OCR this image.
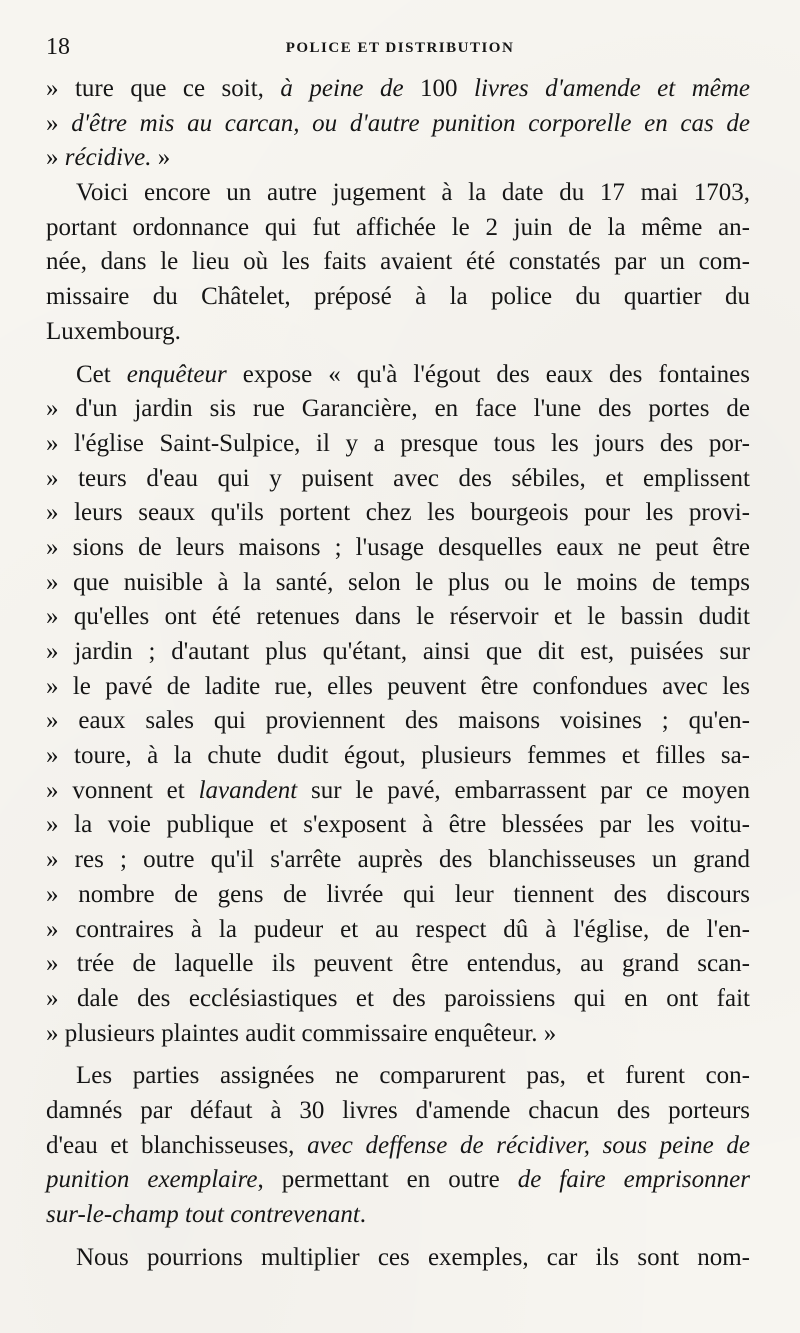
18	POLICE ET DISTRIBUTION
» ture que ce soit, à peine de 100 livres d'amende et même
» d'être mis au carcan, ou d'autre punition corporelle en cas de
» récidive. »
Voici encore un autre jugement à la date du 17 mai 1703,
portant ordonnance qui fut affichée le 2 juin de la même an-
née, dans le lieu où les faits avaient été constatés par un com-
missaire du Châtelet, préposé à la police du quartier du
Luxembourg.
Cet enquêteur expose « qu'à l'égout des eaux des fontaines
» d'un jardin sis rue Garancière, en face l'une des portes de
» l'église Saint-Sulpice, il y a presque tous les jours des por-
» teurs d'eau qui y puisent avec des sébiles, et emplissent
» leurs seaux qu'ils portent chez les bourgeois pour les provi-
» sions de leurs maisons ; l'usage desquelles eaux ne peut être
» que nuisible à la santé, selon le plus ou le moins de temps
» qu'elles ont été retenues dans le réservoir et le bassin dudit
» jardin ; d'autant plus qu'étant, ainsi que dit est, puisées sur
» le pavé de ladite rue, elles peuvent être confondues avec les
» eaux sales qui proviennent des maisons voisines ; qu'en-
» toure, à la chute dudit égout, plusieurs femmes et filles sa-
» vonnent et lavandent sur le pavé, embarrassent par ce moyen
» la voie publique et s'exposent à être blessées par les voitu-
» res ; outre qu'il s'arrête auprès des blanchisseuses un grand
» nombre de gens de livrée qui leur tiennent des discours
» contraires à la pudeur et au respect dû à l'église, de l'en-
» trée de laquelle ils peuvent être entendus, au grand scan-
» dale des ecclésiastiques et des paroissiens qui en ont fait
» plusieurs plaintes audit commissaire enquêteur. »
Les parties assignées ne comparurent pas, et furent con-
damnés par défaut à 30 livres d'amende chacun des porteurs
d'eau et blanchisseuses, avec deffense de récidiver, sous peine de
punition exemplaire, permettant en outre de faire emprisonner
sur-le-champ tout contrevenant.
Nous pourrions multiplier ces exemples, car ils sont nom-
